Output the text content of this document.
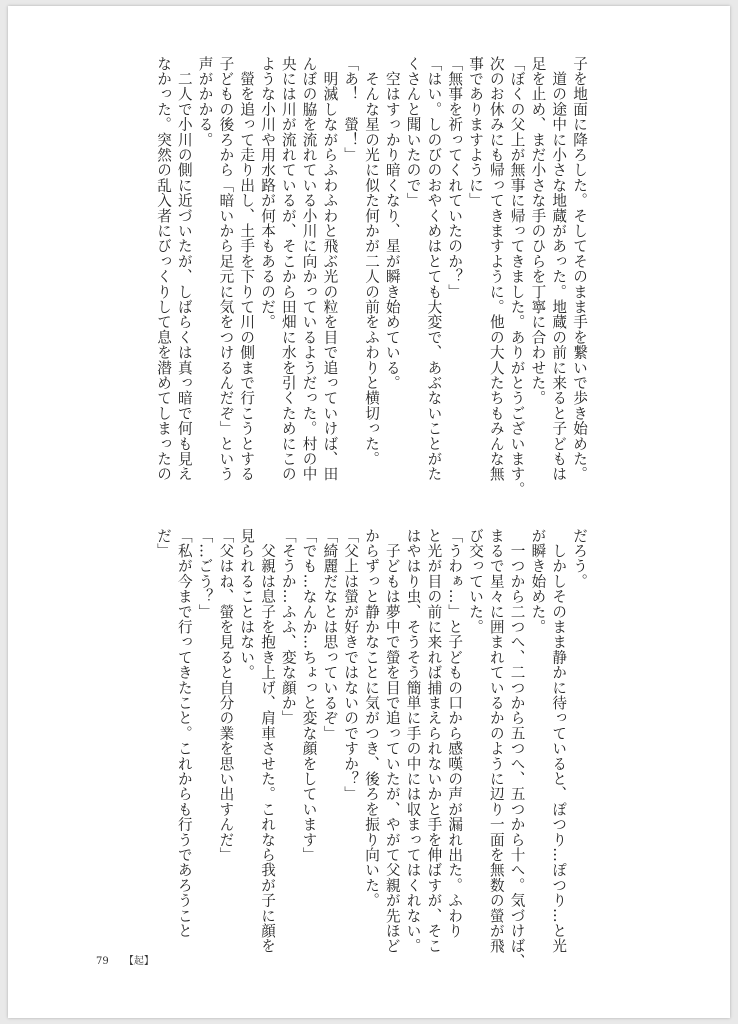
子を地面に降ろした。そしてそのまま手を繋いで歩き始めた。
　道の途中に小さな地蔵があった。地蔵の前に来ると子どもは
足を止め、まだ小さな手のひらを丁寧に合わせた。
「ぼくの父上が無事に帰ってきました。ありがとうございます。
次のお休みにも帰ってきますように。他の大人たちもみんな無
事でありますように」
「無事を祈ってくれていたのか？」
「はい。しのびのおやくめはとても大変で、あぶないことがた
くさんと聞いたので」
　空はすっかり暗くなり、星が瞬き始めている。
　そんな星の光に似た何かが二人の前をふわりと横切った。
「あ！　螢！」
　明滅しながらふわふわと飛ぶ光の粒を目で追っていけば、田
んぼの脇を流れている小川に向かっているようだった。村の中
央には川が流れているが、そこから田畑に水を引くためにこの
ような小川や用水路が何本もあるのだ。
　螢を追って走り出し、土手を下りて川の側まで行こうとする
子どもの後ろから「暗いから足元に気をつけるんだぞ」という
声がかかる。
　二人で小川の側に近づいたが、しばらくは真っ暗で何も見え
なかった。突然の乱入者にびっくりして息を潜めてしまったの
だろう。
　しかしそのまま静かに待っていると、ぽつり…ぽつり…と光
が瞬き始めた。
　一つから二つへ、二つから五つへ、五つから十へ。気づけば、
まるで星々に囲まれているかのように辺り一面を無数の螢が飛
び交っていた。
「うわぁ…」と子どもの口から感嘆の声が漏れ出た。ふわり
と光が目の前に来れば捕まえられないかと手を伸ばすが、そこ
はやはり虫、そうそう簡単に手の中には収まってはくれない。
　子どもは夢中で螢を目で追っていたが、やがて父親が先ほど
からずっと静かなことに気がつき、後ろを振り向いた。
「父上は螢が好きではないのですか？」
「綺麗だなとは思っているぞ」
「でも…なんか…ちょっと変な顔をしています」
「そうか…ふふ、変な顔か」
　父親は息子を抱き上げ、肩車させた。これなら我が子に顔を
見られることはない。
「父はね、螢を見ると自分の業を思い出すんだ」
「…ごう？」
「私が今まで行ってきたこと。これからも行うであろうこと
だ」
79 【起】
